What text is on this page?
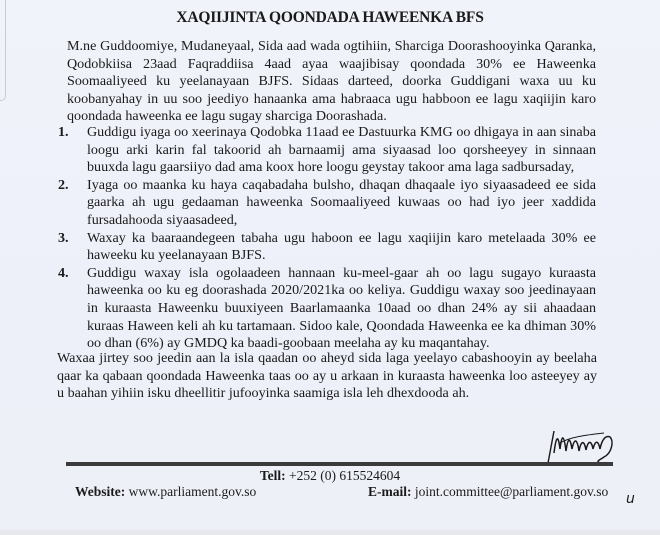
XAQIIJINTA QOONDADA HAWEENKA BFS
M.ne Guddoomiye, Mudaneyaal, Sida aad wada ogtihiin, Sharciga Doorashooyinka Qaranka, Qodobkiisa 23aad Faqraddiisa 4aad ayaa waajibisay qoondada 30% ee Haweenka Soomaaliyeed ku yeelanayaan BJFS. Sidaas darteed, doorka Guddigani waxa uu ku koobanyahay in uu soo jeediyo hanaanka ama habraaca ugu habboon ee lagu xaqiijin karo qoondada haweenka ee lagu sugay sharciga Doorashada.
1. Guddigu iyaga oo xeerinaya Qodobka 11aad ee Dastuurka KMG oo dhigaya in aan sinaba loogu arki karin fal takoorid ah barnaamij ama siyaasad loo qorsheeyey in sinnaan buuxda lagu gaarsiiyo dad ama koox hore loogu geystay takoor ama laga sadbursaday,
2. Iyaga oo maanka ku haya caqabadaha bulsho, dhaqan dhaqaale iyo siyaasadeed ee sida gaarka ah ugu gedaaman haweenka Soomaaliyeed kuwaas oo had iyo jeer xaddida fursadahooda siyaasadeed,
3. Waxay ka baaraandegeen tabaha ugu haboon ee lagu xaqiijin karo metelaada 30% ee haweeku ku yeelanayaan BJFS.
4. Guddigu waxay isla ogolaadeen hannaan ku-meel-gaar ah oo lagu sugayo kuraasta haweenka oo ku eg doorashada 2020/2021ka oo keliya. Guddigu waxay soo jeedinayaan in kuraasta Haweenku buuxiyeen Baarlamaanka 10aad oo dhan 24% ay sii ahaadaan kuraas Haween keli ah ku tartamaan. Sidoo kale, Qoondada Haweenka ee ka dhiman 30% oo dhan (6%) ay GMDQ ka baadi-goobaan meelaha ay ku maqantahay.
Waxaa jirtey soo jeedin aan la isla qaadan oo aheyd sida laga yeelayo cabashooyin ay beelaha qaar ka qabaan qoondada Haweenka taas oo ay u arkaan in kuraasta haweenka loo asteeyey ay u baahan yihiin isku dheellitir jufooyinka saamiga isla leh dhexdooda ah.
Tell: +252 (0) 615524604
Website: www.parliament.gov.so	E-mail: joint.committee@parliament.gov.so u
